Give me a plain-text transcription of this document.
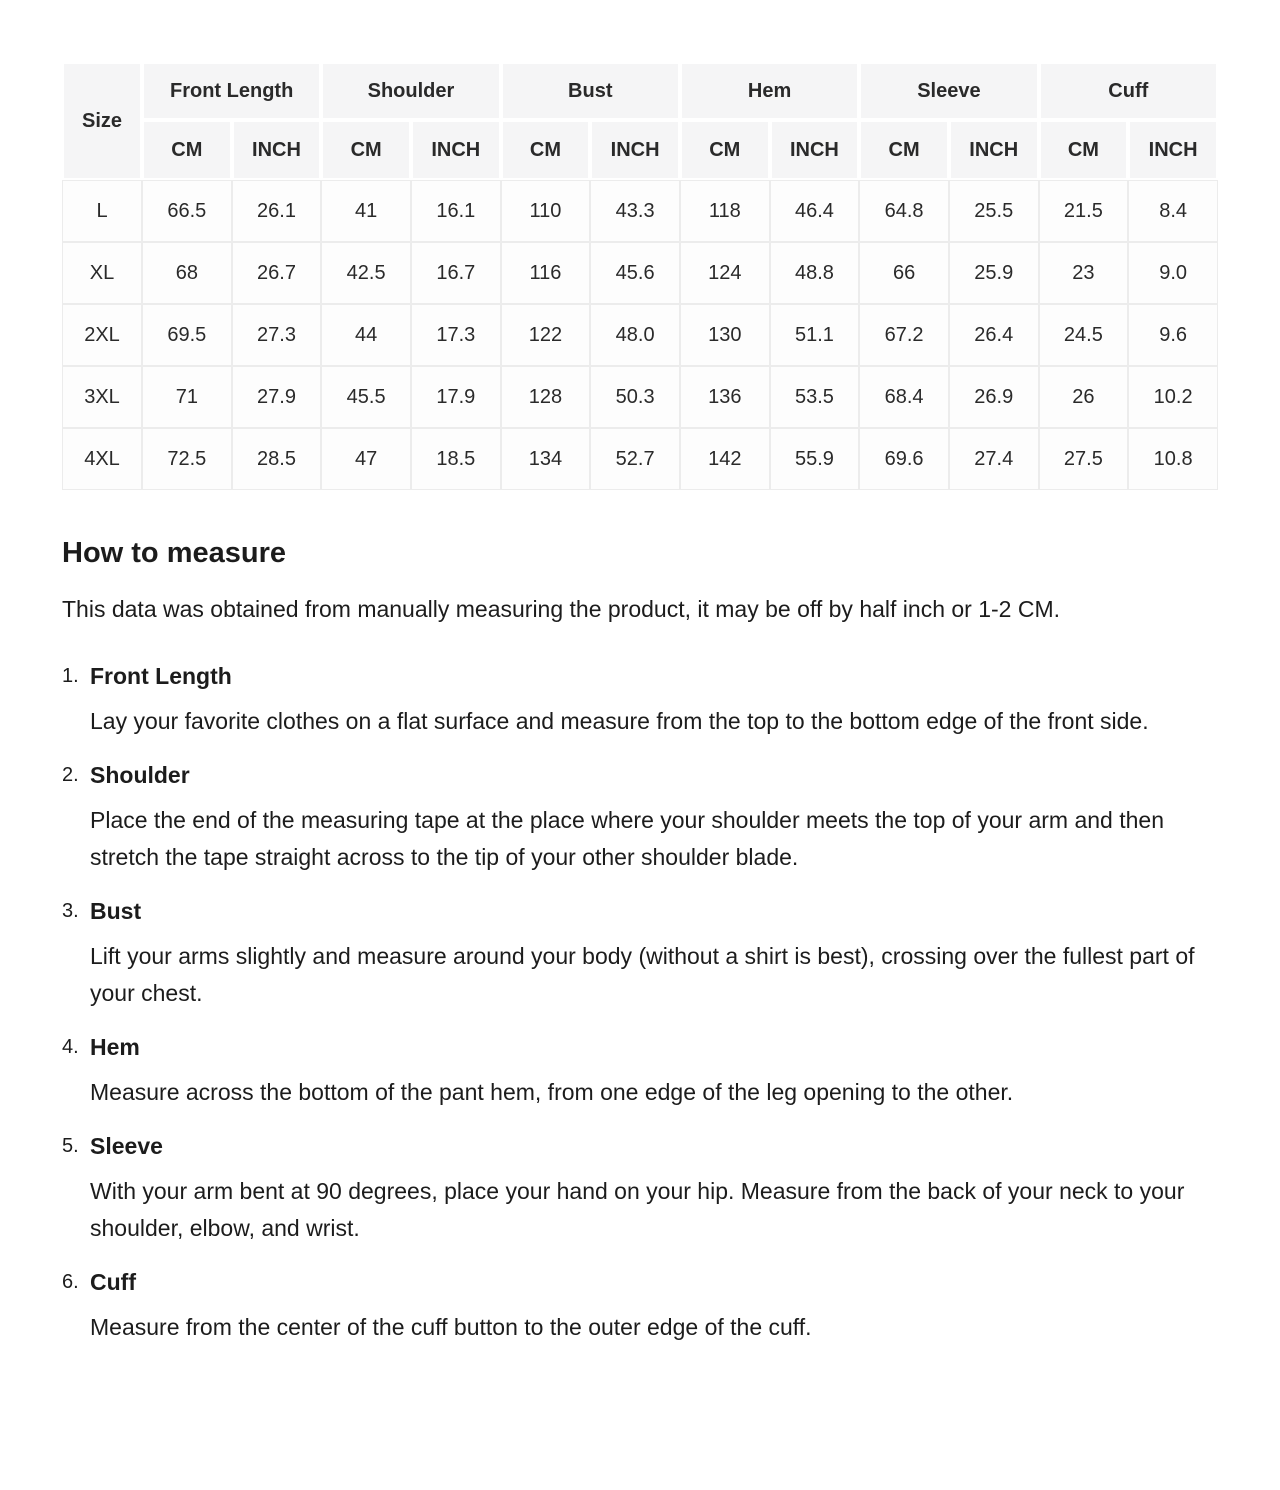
Size	Front Length		Shoulder		Bust		Hem		Sleeve		Cuff	
	CM	INCH	CM	INCH	CM	INCH	CM	INCH	CM	INCH	CM	INCH
L	66.5	26.1	41	16.1	110	43.3	118	46.4	64.8	25.5	21.5	8.4
XL	68	26.7	42.5	16.7	116	45.6	124	48.8	66	25.9	23	9.0
2XL	69.5	27.3	44	17.3	122	48.0	130	51.1	67.2	26.4	24.5	9.6
3XL	71	27.9	45.5	17.9	128	50.3	136	53.5	68.4	26.9	26	10.2
4XL	72.5	28.5	47	18.5	134	52.7	142	55.9	69.6	27.4	27.5	10.8
How to measure

This data was obtained from manually measuring the product, it may be off by half inch or 1-2 CM.

1. Front Length

Lay your favorite clothes on a flat surface and measure from the top to the bottom edge of the front side.

2. Shoulder

Place the end of the measuring tape at the place where your shoulder meets the top of your arm and then stretch the tape straight across to the tip of your other shoulder blade.

3. Bust

Lift your arms slightly and measure around your body (without a shirt is best), crossing over the fullest part of your chest.

4. Hem

Measure across the bottom of the pant hem, from one edge of the leg opening to the other.

5. Sleeve

With your arm bent at 90 degrees, place your hand on your hip. Measure from the back of your neck to your shoulder, elbow, and wrist.

6. Cuff

Measure from the center of the cuff button to the outer edge of the cuff.
